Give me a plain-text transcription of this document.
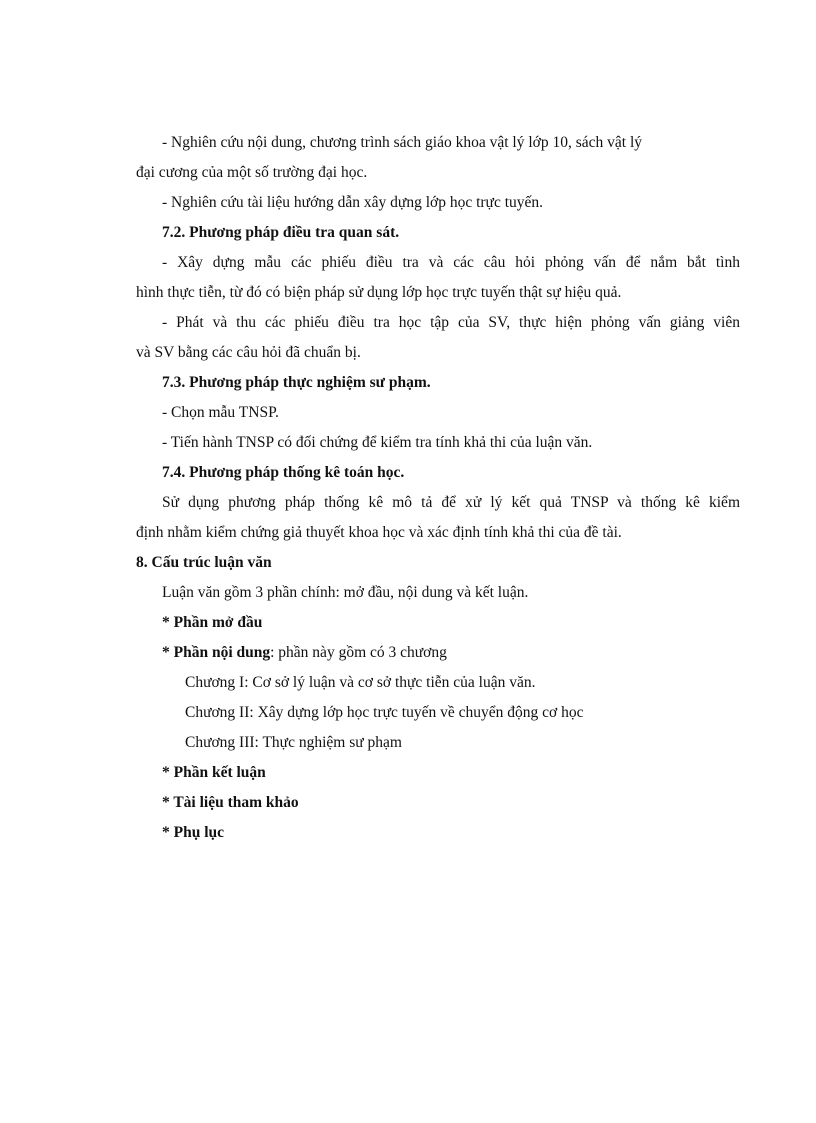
- Nghiên cứu nội dung, chương trình sách giáo khoa vật lý lớp 10, sách vật lý
đại cương của một số trường đại học.
- Nghiên cứu tài liệu hướng dẫn xây dựng lớp học trực tuyến.
7.2. Phương pháp điều tra quan sát.
- Xây dựng mẫu các phiếu điều tra và các câu hỏi phỏng vấn để nắm bắt tình
hình thực tiễn, từ đó có biện pháp sử dụng lớp học trực tuyến thật sự hiệu quả.
- Phát và thu các phiếu điều tra học tập của SV, thực hiện phỏng vấn giảng viên
và SV bằng các câu hỏi đã chuẩn bị.
7.3. Phương pháp thực nghiệm sư phạm.
- Chọn mẫu TNSP.
- Tiến hành TNSP có đối chứng để kiểm tra tính khả thi của luận văn.
7.4. Phương pháp thống kê toán học.
Sử dụng phương pháp thống kê mô tả để xử lý kết quả TNSP và thống kê kiểm
định nhằm kiểm chứng giả thuyết khoa học và xác định tính khả thi của đề tài.
8. Cấu trúc luận văn
Luận văn gồm 3 phần chính: mở đầu, nội dung và kết luận.
* Phần mở đầu
* Phần nội dung: phần này gồm có 3 chương
Chương I: Cơ sở lý luận và cơ sở thực tiễn của luận văn.
Chương II: Xây dựng lớp học trực tuyến về chuyển động cơ học
Chương III: Thực nghiệm sư phạm
* Phần kết luận
* Tài liệu tham khảo
* Phụ lục
